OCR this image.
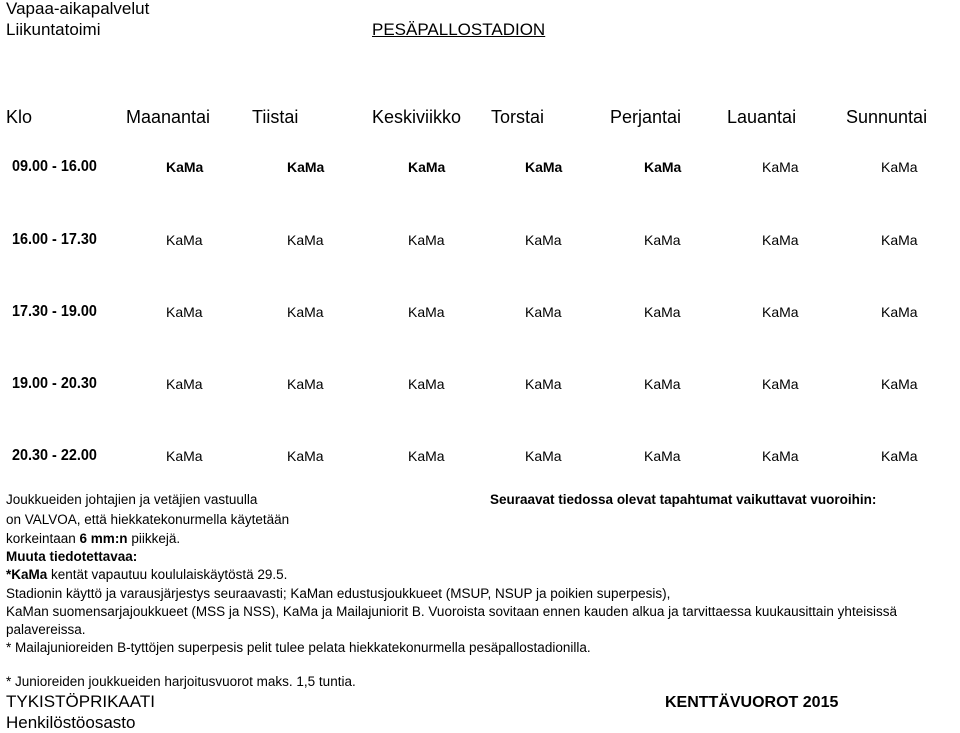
Vapaa-aikapalvelut
Liikuntatoimi	PESÄPALLOSTADION
Klo	Maanantai Tiistai	Keskiviikko Torstai	Perjantai	Lauantai	Sunnuntai
09.00 - 16.00	KaMa	KaMa	KaMa	KaMa	KaMa	KaMa	KaMa
16.00 - 17.30	KaMa	KaMa	KaMa	KaMa	KaMa	KaMa	KaMa
17.30 - 19.00	KaMa	KaMa	KaMa	KaMa	KaMa	KaMa	KaMa
19.00 - 20.30	KaMa	KaMa	KaMa	KaMa	KaMa	KaMa	KaMa
20.30 - 22.00	KaMa	KaMa	KaMa	KaMa	KaMa	KaMa	KaMa
Joukkueiden johtajien ja vetäjien vastuulla
on VALVOA, että hiekkatekonurmella käytetään
korkeintaan 6 mm:n piikkejä.
Seuraavat tiedossa olevat tapahtumat vaikuttavat vuoroihin:
Muuta tiedotettavaa:
*KaMa kentät vapautuu koululaiskäytöstä 29.5.
Stadionin käyttö ja varausjärjestys seuraavasti; KaMan edustusjoukkueet (MSUP, NSUP ja poikien superpesis),
KaMan suomensarjajoukkueet (MSS ja NSS), KaMa ja Mailajuniorit B. Vuoroista sovitaan ennen kauden alkua ja tarvittaessa kuukausittain yhteisissä
palavereissa.
* Mailajunioreiden B-tyttöjen superpesis pelit tulee pelata hiekkatekonurmella pesäpallostadionilla.
* Junioreiden joukkueiden harjoitusvuorot maks. 1,5 tuntia.
TYKISTÖPRIKAATI
Henkilöstöosasto
KENTTÄVUOROT 2015
